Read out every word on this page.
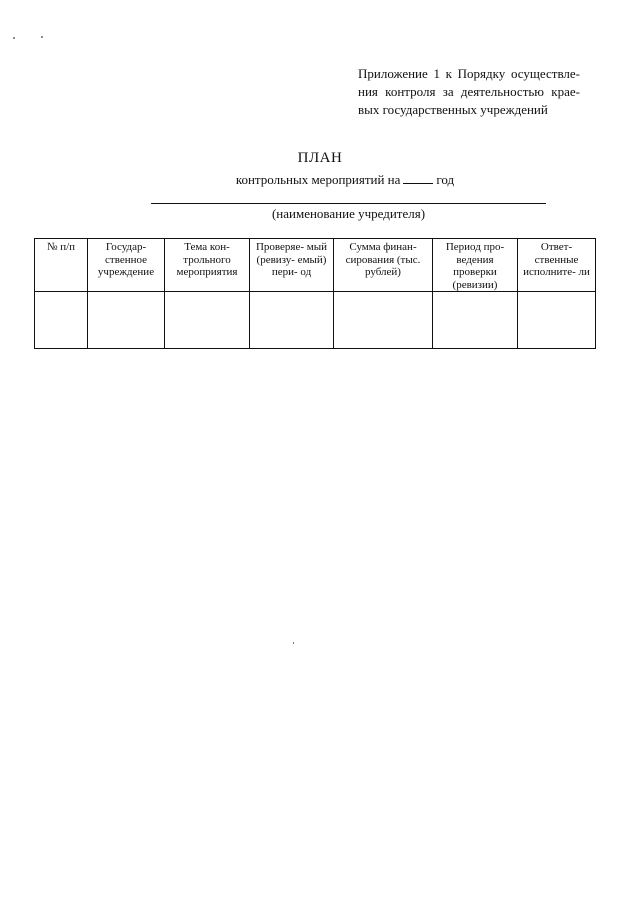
Приложение 1 к Порядку осуществле-
ния контроля за деятельностью крае-
вых государственных учреждений
ПЛАН
контрольных мероприятий на	год
(наименование учредителя)
№ п/п	Государ- ственное учреждение	Тема кон- трольного мероприятия	Проверяе- мый (ревизу- емый) пери- од	Сумма финан- сирования (тыс. рублей)	Период про- ведения проверки (ревизии)	Ответ- ственные исполните- ли
